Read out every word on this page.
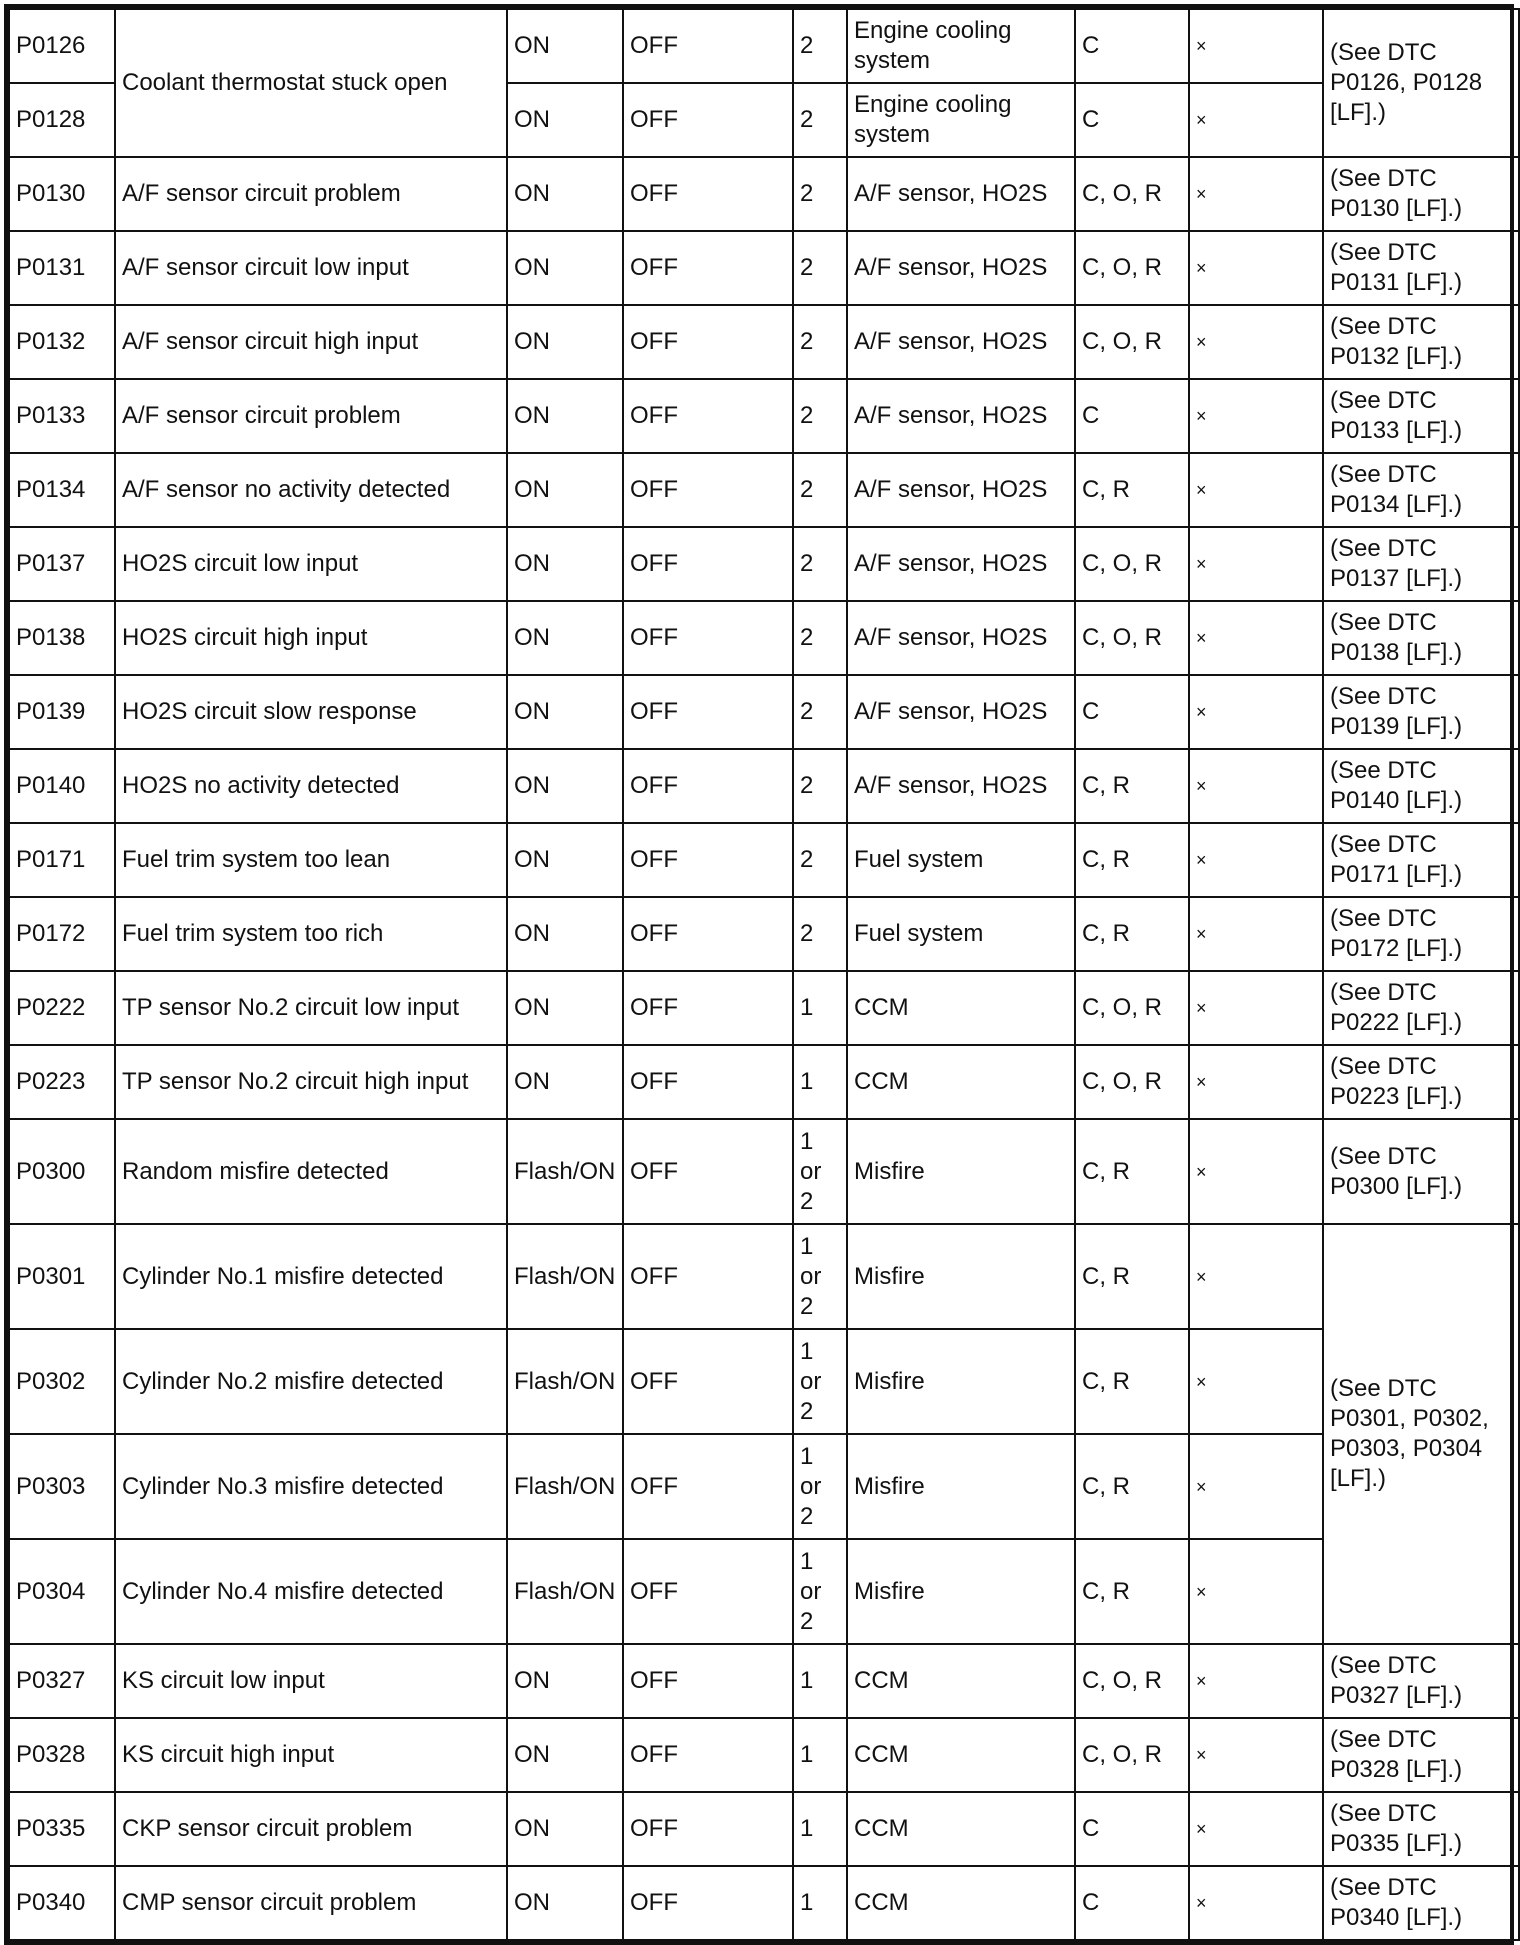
P0126	Coolant thermostat stuck open	ON	OFF	2	Engine cooling system	C	×	(See DTC P0126, P0128 [LF].)
P0128		ON	OFF	2	Engine cooling system	C	×	
P0130	A/F sensor circuit problem	ON	OFF	2	A/F sensor, HO2S	C, O, R	×	(See DTC P0130 [LF].)
P0131	A/F sensor circuit low input	ON	OFF	2	A/F sensor, HO2S	C, O, R	×	(See DTC P0131 [LF].)
P0132	A/F sensor circuit high input	ON	OFF	2	A/F sensor, HO2S	C, O, R	×	(See DTC P0132 [LF].)
P0133	A/F sensor circuit problem	ON	OFF	2	A/F sensor, HO2S	C	×	(See DTC P0133 [LF].)
P0134	A/F sensor no activity detected	ON	OFF	2	A/F sensor, HO2S	C, R	×	(See DTC P0134 [LF].)
P0137	HO2S circuit low input	ON	OFF	2	A/F sensor, HO2S	C, O, R	×	(See DTC P0137 [LF].)
P0138	HO2S circuit high input	ON	OFF	2	A/F sensor, HO2S	C, O, R	×	(See DTC P0138 [LF].)
P0139	HO2S circuit slow response	ON	OFF	2	A/F sensor, HO2S	C	×	(See DTC P0139 [LF].)
P0140	HO2S no activity detected	ON	OFF	2	A/F sensor, HO2S	C, R	×	(See DTC P0140 [LF].)
P0171	Fuel trim system too lean	ON	OFF	2	Fuel system	C, R	×	(See DTC P0171 [LF].)
P0172	Fuel trim system too rich	ON	OFF	2	Fuel system	C, R	×	(See DTC P0172 [LF].)
P0222	TP sensor No.2 circuit low input	ON	OFF	1	CCM	C, O, R	×	(See DTC P0222 [LF].)
P0223	TP sensor No.2 circuit high input	ON	OFF	1	CCM	C, O, R	×	(See DTC P0223 [LF].)
P0300	Random misfire detected	Flash/ON	OFF	1 or 2	Misfire	C, R	×	(See DTC P0300 [LF].)
P0301	Cylinder No.1 misfire detected	Flash/ON	OFF	1 or 2	Misfire	C, R	×	(See DTC P0301, P0302, P0303, P0304 [LF].)
P0302	Cylinder No.2 misfire detected	Flash/ON	OFF	1 or 2	Misfire	C, R	×	
P0303	Cylinder No.3 misfire detected	Flash/ON	OFF	1 or 2	Misfire	C, R	×	
P0304	Cylinder No.4 misfire detected	Flash/ON	OFF	1 or 2	Misfire	C, R	×	
P0327	KS circuit low input	ON	OFF	1	CCM	C, O, R	×	(See DTC P0327 [LF].)
P0328	KS circuit high input	ON	OFF	1	CCM	C, O, R	×	(See DTC P0328 [LF].)
P0335	CKP sensor circuit problem	ON	OFF	1	CCM	C	×	(See DTC P0335 [LF].)
P0340	CMP sensor circuit problem	ON	OFF	1	CCM	C	×	(See DTC P0340 [LF].)
